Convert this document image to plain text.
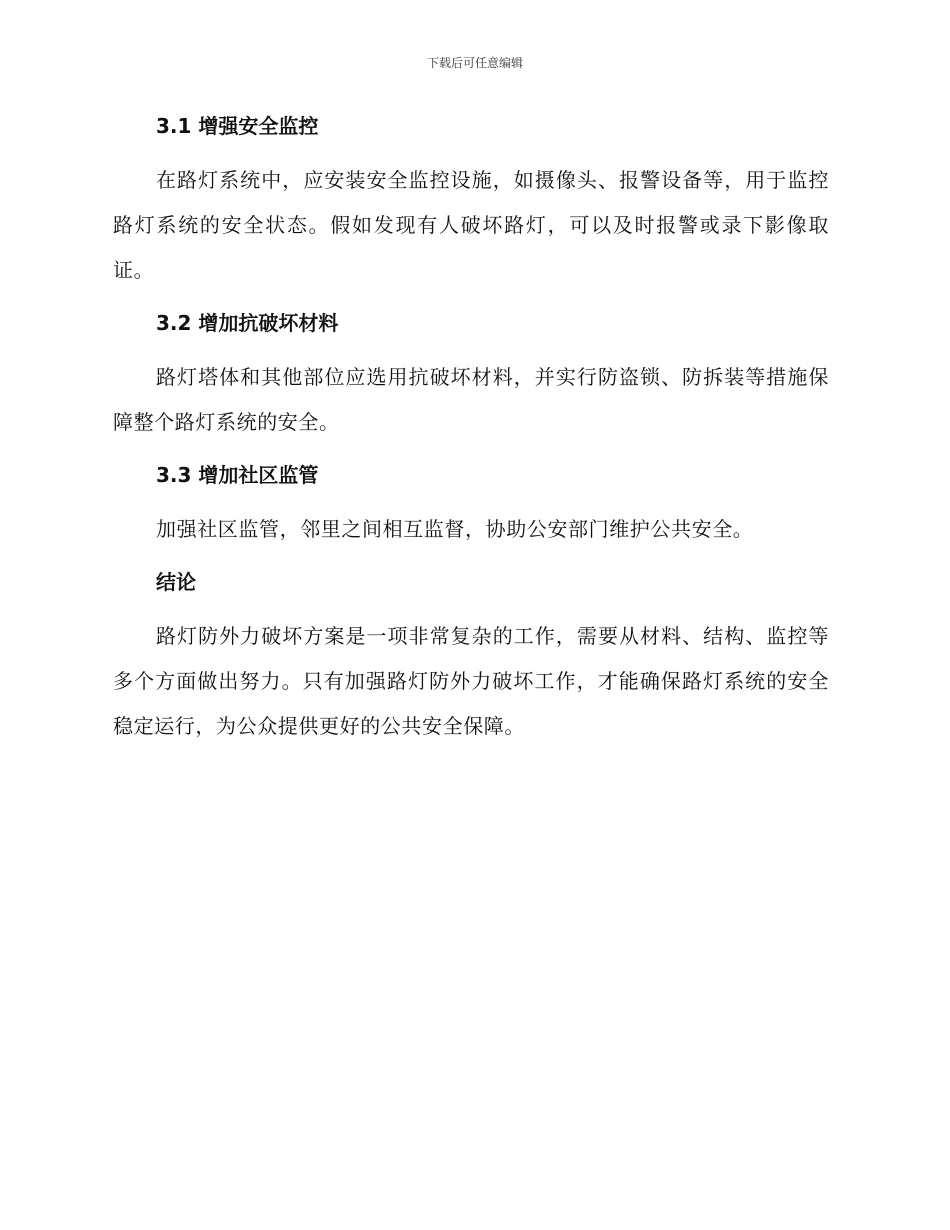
下载后可任意编辑
3.1 增强安全监控

在路灯系统中，应安装安全监控设施，如摄像头、报警设备等，用于监控路灯系统的安全状态。假如发现有人破坏路灯，可以及时报警或录下影像取证。

3.2 增加抗破坏材料

路灯塔体和其他部位应选用抗破坏材料，并实行防盗锁、防拆装等措施保障整个路灯系统的安全。

3.3 增加社区监管

加强社区监管，邻里之间相互监督，协助公安部门维护公共安全。

结论

路灯防外力破坏方案是一项非常复杂的工作，需要从材料、结构、监控等多个方面做出努力。只有加强路灯防外力破坏工作，才能确保路灯系统的安全稳定运行，为公众提供更好的公共安全保障。
